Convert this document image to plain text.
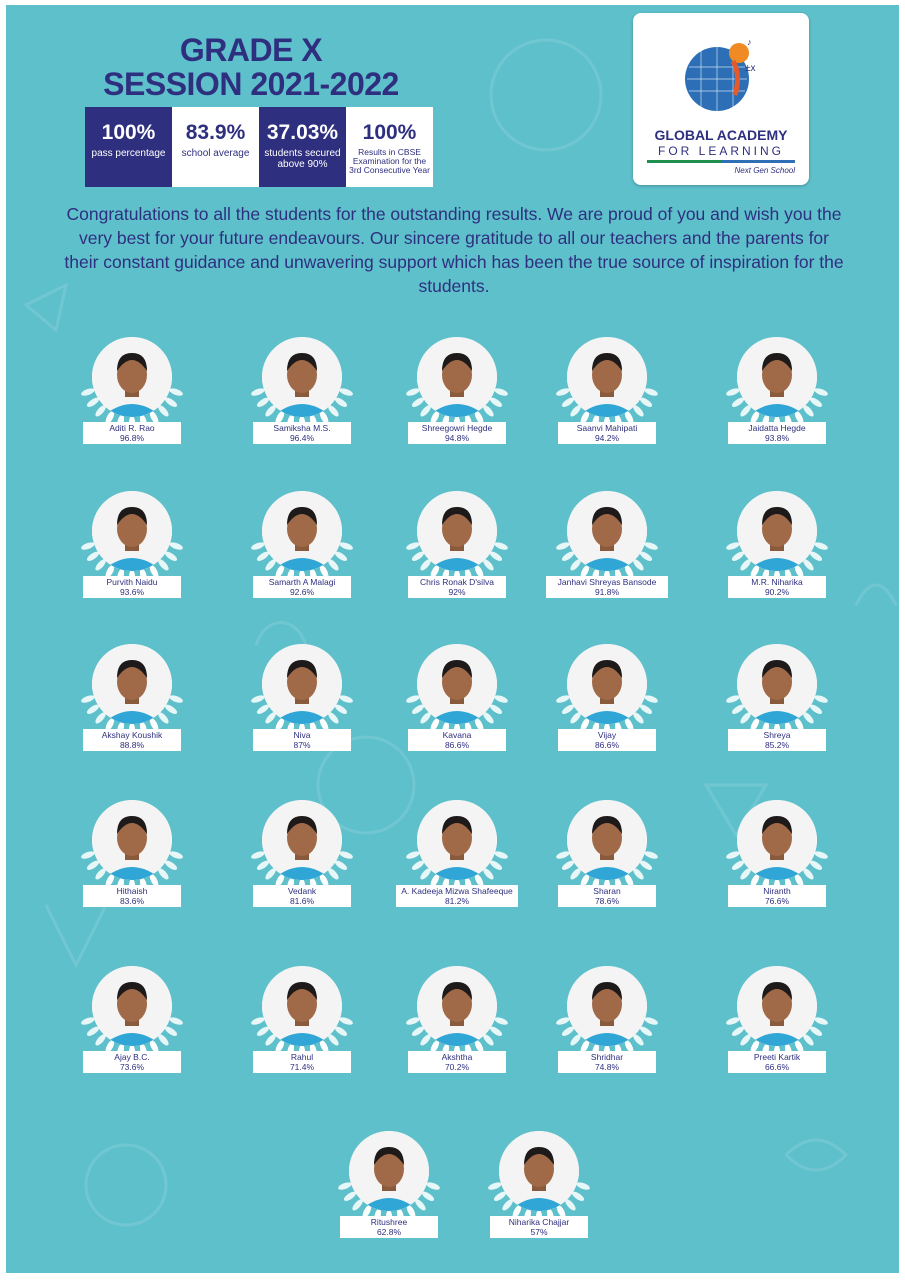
GRADE X
SESSION 2021-2022
100%
pass percentage
83.9%
school average
37.03%
students secured above 90%
100%
Results in CBSE Examination for the 3rd Consecutive Year
±x
♪
GLOBAL ACADEMY
FOR LEARNING
Next Gen School
Congratulations to all the students for the outstanding results. We are proud of you and wish you the very best for your future endeavours. Our sincere gratitude to all our teachers and the parents for their constant guidance and unwavering support which has been the true source of inspiration for the students.
Aditi R. Rao
96.8%
Samiksha M.S.
96.4%
Shreegowri Hegde
94.8%
Saanvi Mahipati
94.2%
Jaidatta Hegde
93.8%
Purvith Naidu
93.6%
Samarth A Malagi
92.6%
Chris Ronak D'silva
92%
Janhavi Shreyas Bansode
91.8%
M.R. Niharika
90.2%
Akshay Koushik
88.8%
Niva
87%
Kavana
86.6%
Vijay
86.6%
Shreya
85.2%
Hithaish
83.6%
Vedank
81.6%
A. Kadeeja Mizwa Shafeeque
81.2%
Sharan
78.6%
Niranth
76.6%
Ajay B.C.
73.6%
Rahul
71.4%
Akshtha
70.2%
Shridhar
74.8%
Preeti Kartik
66.6%
Ritushree
62.8%
Niharika Chajjar
57%
